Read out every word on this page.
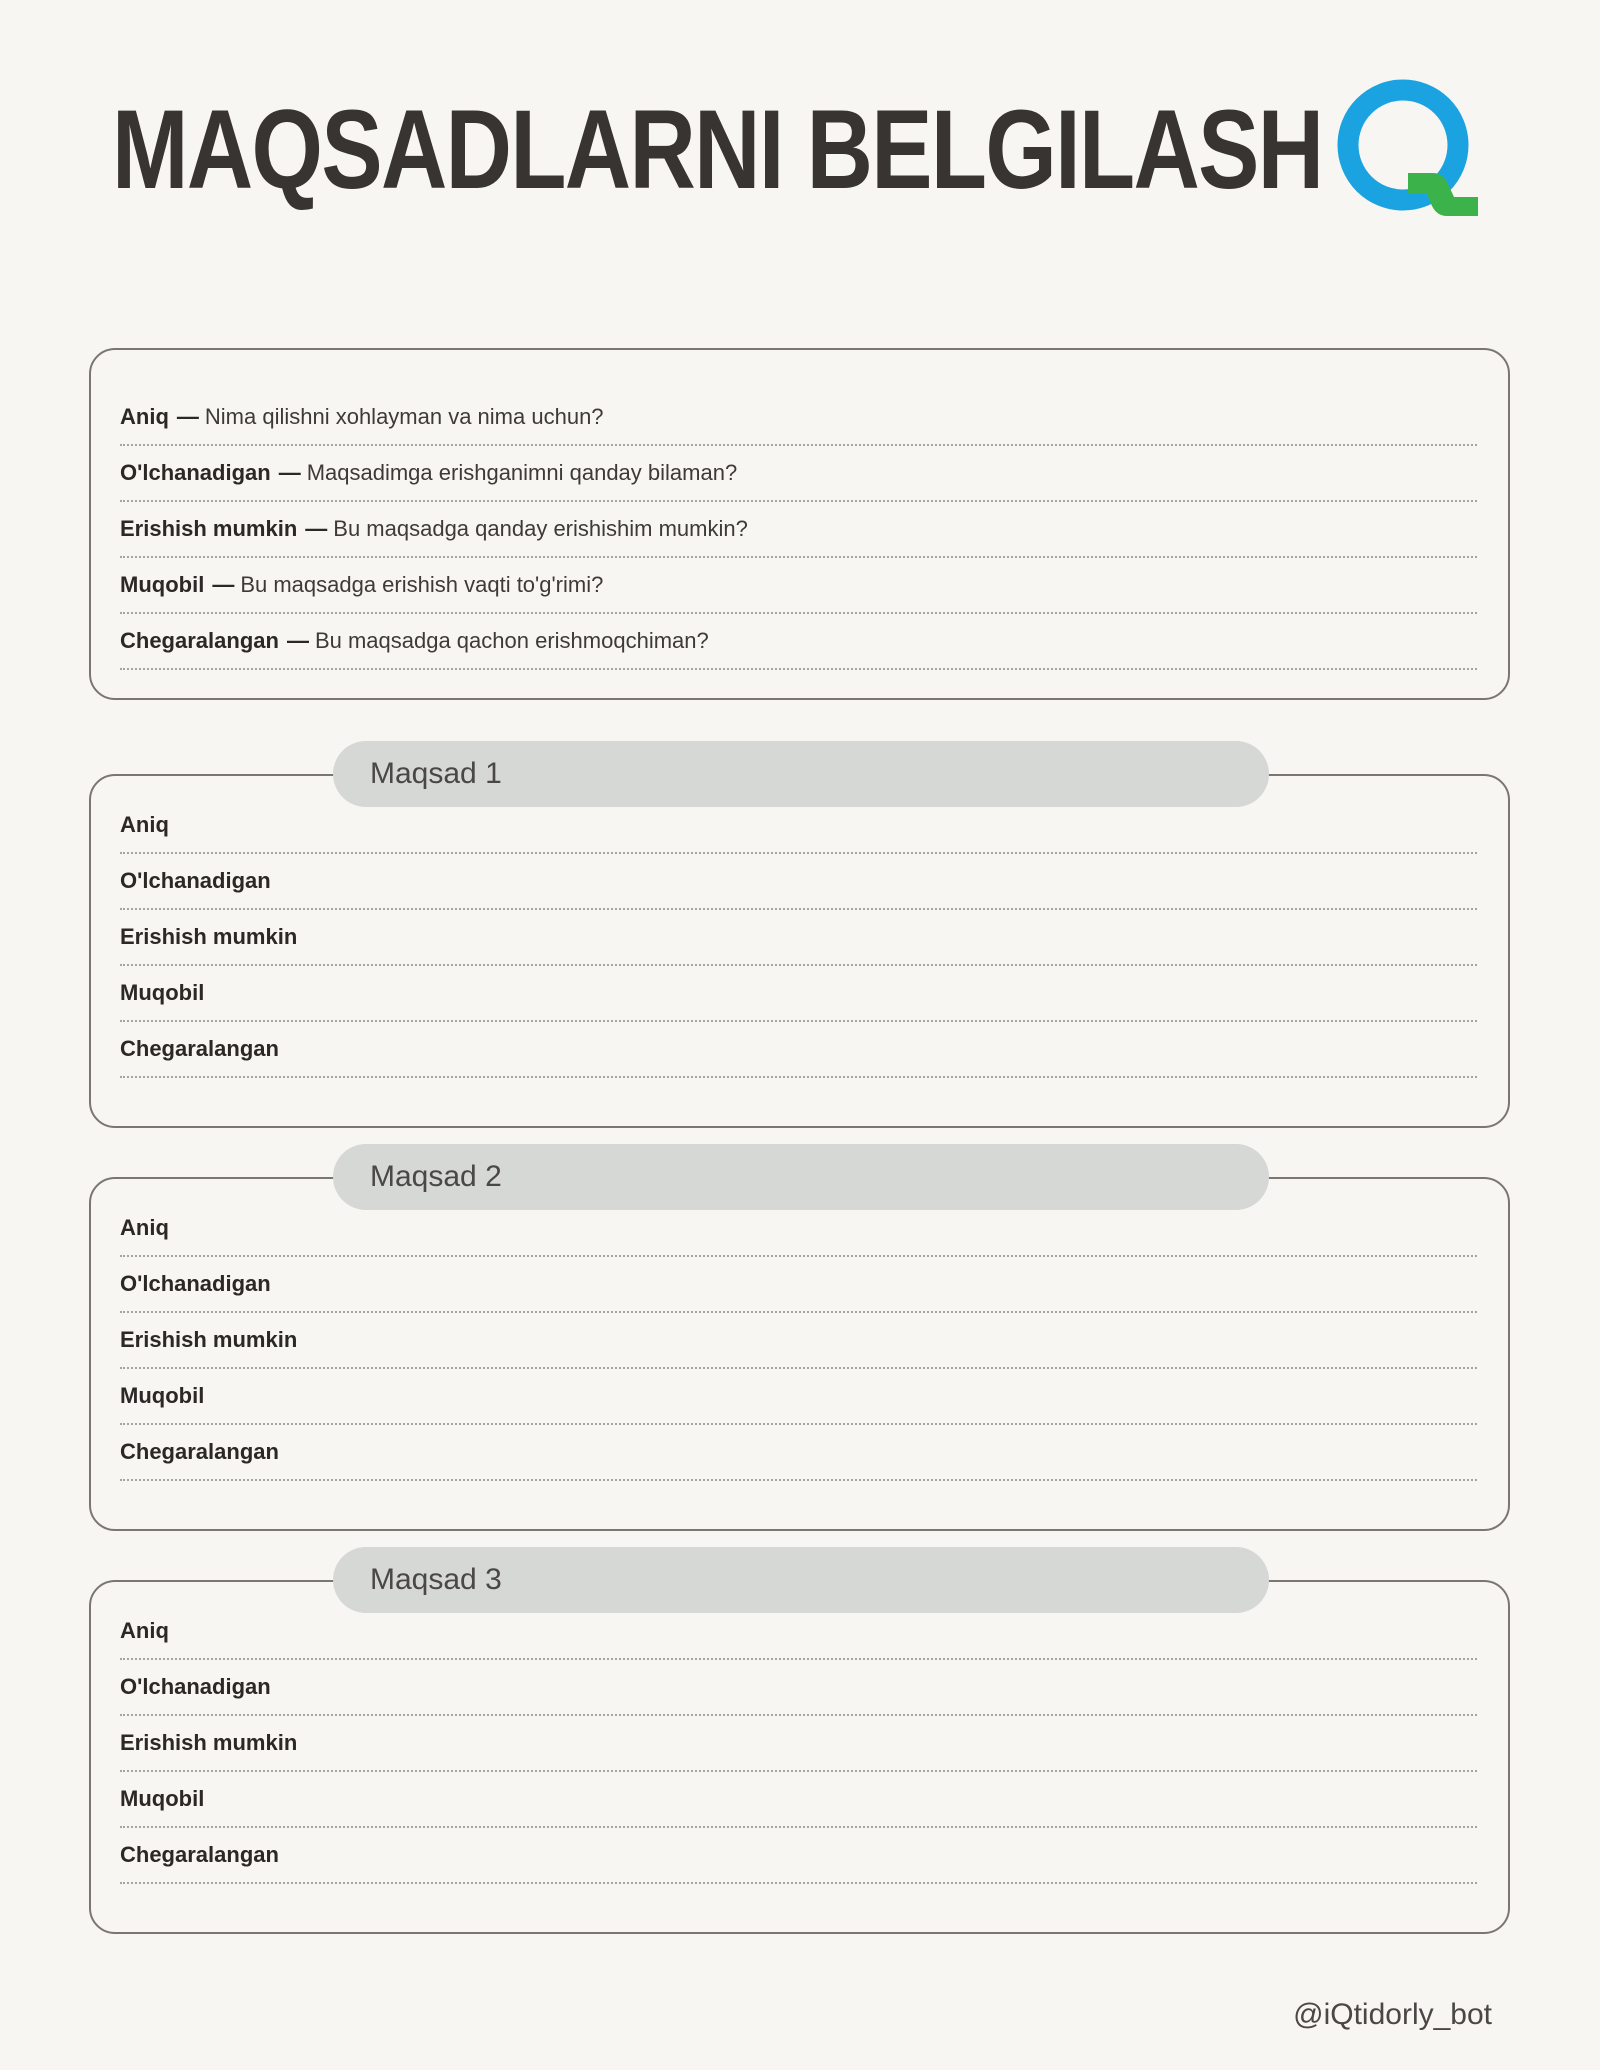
MAQSADLARNI BELGILASH
Aniq — Nima qilishni xohlayman va nima uchun?
O'lchanadigan — Maqsadimga erishganimni qanday bilaman?
Erishish mumkin — Bu maqsadga qanday erishishim mumkin?
Muqobil — Bu maqsadga erishish vaqti to'g'rimi?
Chegaralangan — Bu maqsadga qachon erishmoqchiman?
Maqsad 1
Aniq
O'lchanadigan
Erishish mumkin
Muqobil
Chegaralangan
Maqsad 2
Aniq
O'lchanadigan
Erishish mumkin
Muqobil
Chegaralangan
Maqsad 3
Aniq
O'lchanadigan
Erishish mumkin
Muqobil
Chegaralangan
@iQtidorly_bot
